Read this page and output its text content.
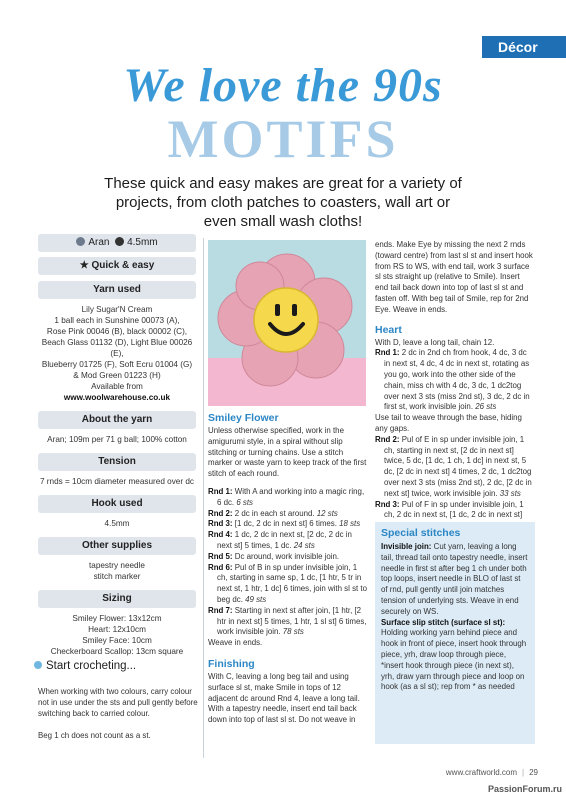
Décor
We love the 90s
MOTIFS
These quick and easy makes are great for a variety of projects, from cloth patches to coasters, wall art or even small wash cloths!
Aran 4.5mm
★ Quick & easy
Yarn used
Lily Sugar'N Cream
1 ball each in Sunshine 00073 (A),
Rose Pink 00046 (B), black 00002 (C),
Beach Glass 01132 (D), Light Blue 00026 (E),
Blueberry 01725 (F), Soft Ecru 01004 (G)
& Mod Green 01223 (H)
Available from
www.woolwarehouse.co.uk
About the yarn
Aran; 109m per 71 g ball; 100% cotton
Tension
7 rnds = 10cm diameter measured over dc
Hook used
4.5mm
Other supplies
tapestry needle
stitch marker
Sizing
Smiley Flower: 13x12cm
Heart: 12x10cm
Smiley Face: 10cm
Checkerboard Scallop: 13cm square
Start crocheting...
When working with two colours, carry colour not in use under the sts and pull gently before switching back to carried colour.
Beg 1 ch does not count as a st.
Smiley Flower
Unless otherwise specified, work in the amigurumi style, in a spiral without slip stitching or turning chains. Use a stitch marker or waste yarn to keep track of the first stitch of each round.
Rnd 1: With A and working into a magic ring, 6 dc. 6 sts
Rnd 2: 2 dc in each st around. 12 sts
Rnd 3: [1 dc, 2 dc in next st] 6 times. 18 sts
Rnd 4: 1 dc, 2 dc in next st, [2 dc, 2 dc in next st] 5 times, 1 dc. 24 sts
Rnd 5: Dc around, work invisible join.
Rnd 6: Pul of B in sp under invisible join, 1 ch, starting in same sp, 1 dc, [1 htr, 5 tr in next st, 1 htr, 1 dc] 6 times, join with sl st to beg dc. 49 sts
Rnd 7: Starting in next st after join, [1 htr, [2 htr in next st] 5 times, 1 htr, 1 sl st] 6 times, work invisible join. 78 sts
Weave in ends.
Finishing
With C, leaving a long beg tail and using surface sl st, make Smile in tops of 12 adjacent dc around Rnd 4, leave a long tail. With a tapestry needle, insert end tail back down into top of last sl st. Do not weave in
ends. Make Eye by missing the next 2 rnds (toward centre) from last sl st and insert hook from RS to WS, with end tail, work 3 surface sl sts straight up (relative to Smile). Insert end tail back down into top of last sl st and fasten off. With beg tail of Smile, rep for 2nd Eye. Weave in ends.
Heart
With D, leave a long tail, chain 12.
Rnd 1: 2 dc in 2nd ch from hook, 4 dc, 3 dc in next st, 4 dc, 4 dc in next st, rotating as you go, work into the other side of the chain, miss ch with 4 dc, 3 dc, 1 dc2tog over next 3 sts (miss 2nd st), 3 dc, 2 dc in first st, work invisible join. 26 sts
Use tail to weave through the base, hiding any gaps.
Rnd 2: Pul of E in sp under invisible join, 1 ch, starting in next st, [2 dc in next st] twice, 5 dc, [1 dc, 1 ch, 1 dc] in next st, 5 dc, [2 dc in next st] 4 times, 2 dc, 1 dc2tog over next 3 sts (miss 2nd st), 2 dc, [2 dc in next st] twice, work invisible join. 33 sts
Rnd 3: Pul of F in sp under invisible join, 1 ch, 2 dc in next st, [1 dc, 2 dc in next st]
Special stitches
Invisible join: Cut yarn, leaving a long tail, thread tail onto tapestry needle, insert needle in first st after beg 1 ch under both top loops, insert needle in BLO of last st of rnd, pull gently until join matches tension of underlying sts. Weave in end securely on WS.
Surface slip stitch (surface sl st): Holding working yarn behind piece and hook in front of piece, insert hook through piece, yrh, draw loop through piece, *insert hook through piece (in next st), yrh, draw yarn through piece and loop on hook (as a sl st); rep from * as needed
www.craftworld.com | 29
PassionForum.ru
